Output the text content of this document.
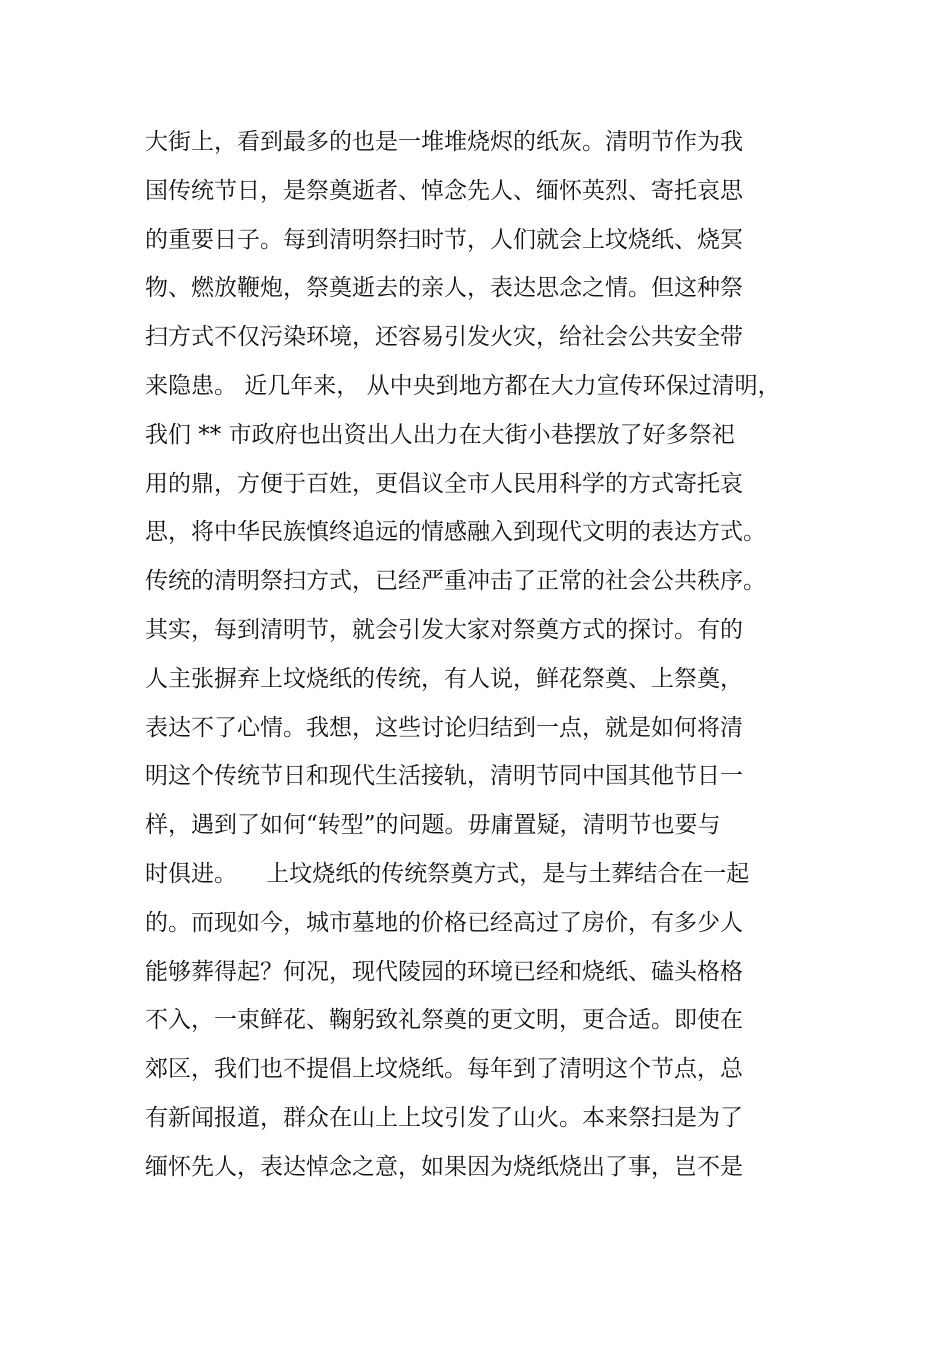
大街上，看到最多的也是一堆堆烧烬的纸灰。清明节作为我
国传统节日，是祭奠逝者、悼念先人、缅怀英烈、寄托哀思
的重要日子。每到清明祭扫时节，人们就会上坟烧纸、烧冥
物、燃放鞭炮，祭奠逝去的亲人，表达思念之情。但这种祭
扫方式不仅污染环境，还容易引发火灾，给社会公共安全带
来隐患。 近几年来， 从中央到地方都在大力宣传环保过清明，
我们 ** 市政府也出资出人出力在大街小巷摆放了好多祭祀
用的鼎，方便于百姓，更倡议全市人民用科学的方式寄托哀
思，将中华民族慎终追远的情感融入到现代文明的表达方式。
传统的清明祭扫方式，已经严重冲击了正常的社会公共秩序。
其实，每到清明节，就会引发大家对祭奠方式的探讨。有的
人主张摒弃上坟烧纸的传统，有人说，鲜花祭奠、上祭奠，
表达不了心情。我想，这些讨论归结到一点，就是如何将清
明这个传统节日和现代生活接轨，清明节同中国其他节日一
样，遇到了如何“转型”的问题。毋庸置疑，清明节也要与
时俱进。    上坟烧纸的传统祭奠方式，是与土葬结合在一起
的。而现如今，城市墓地的价格已经高过了房价，有多少人
能够葬得起？何况，现代陵园的环境已经和烧纸、磕头格格
不入，一束鲜花、鞠躬致礼祭奠的更文明，更合适。即使在
郊区，我们也不提倡上坟烧纸。每年到了清明这个节点，总
有新闻报道，群众在山上上坟引发了山火。本来祭扫是为了
缅怀先人，表达悼念之意，如果因为烧纸烧出了事，岂不是
